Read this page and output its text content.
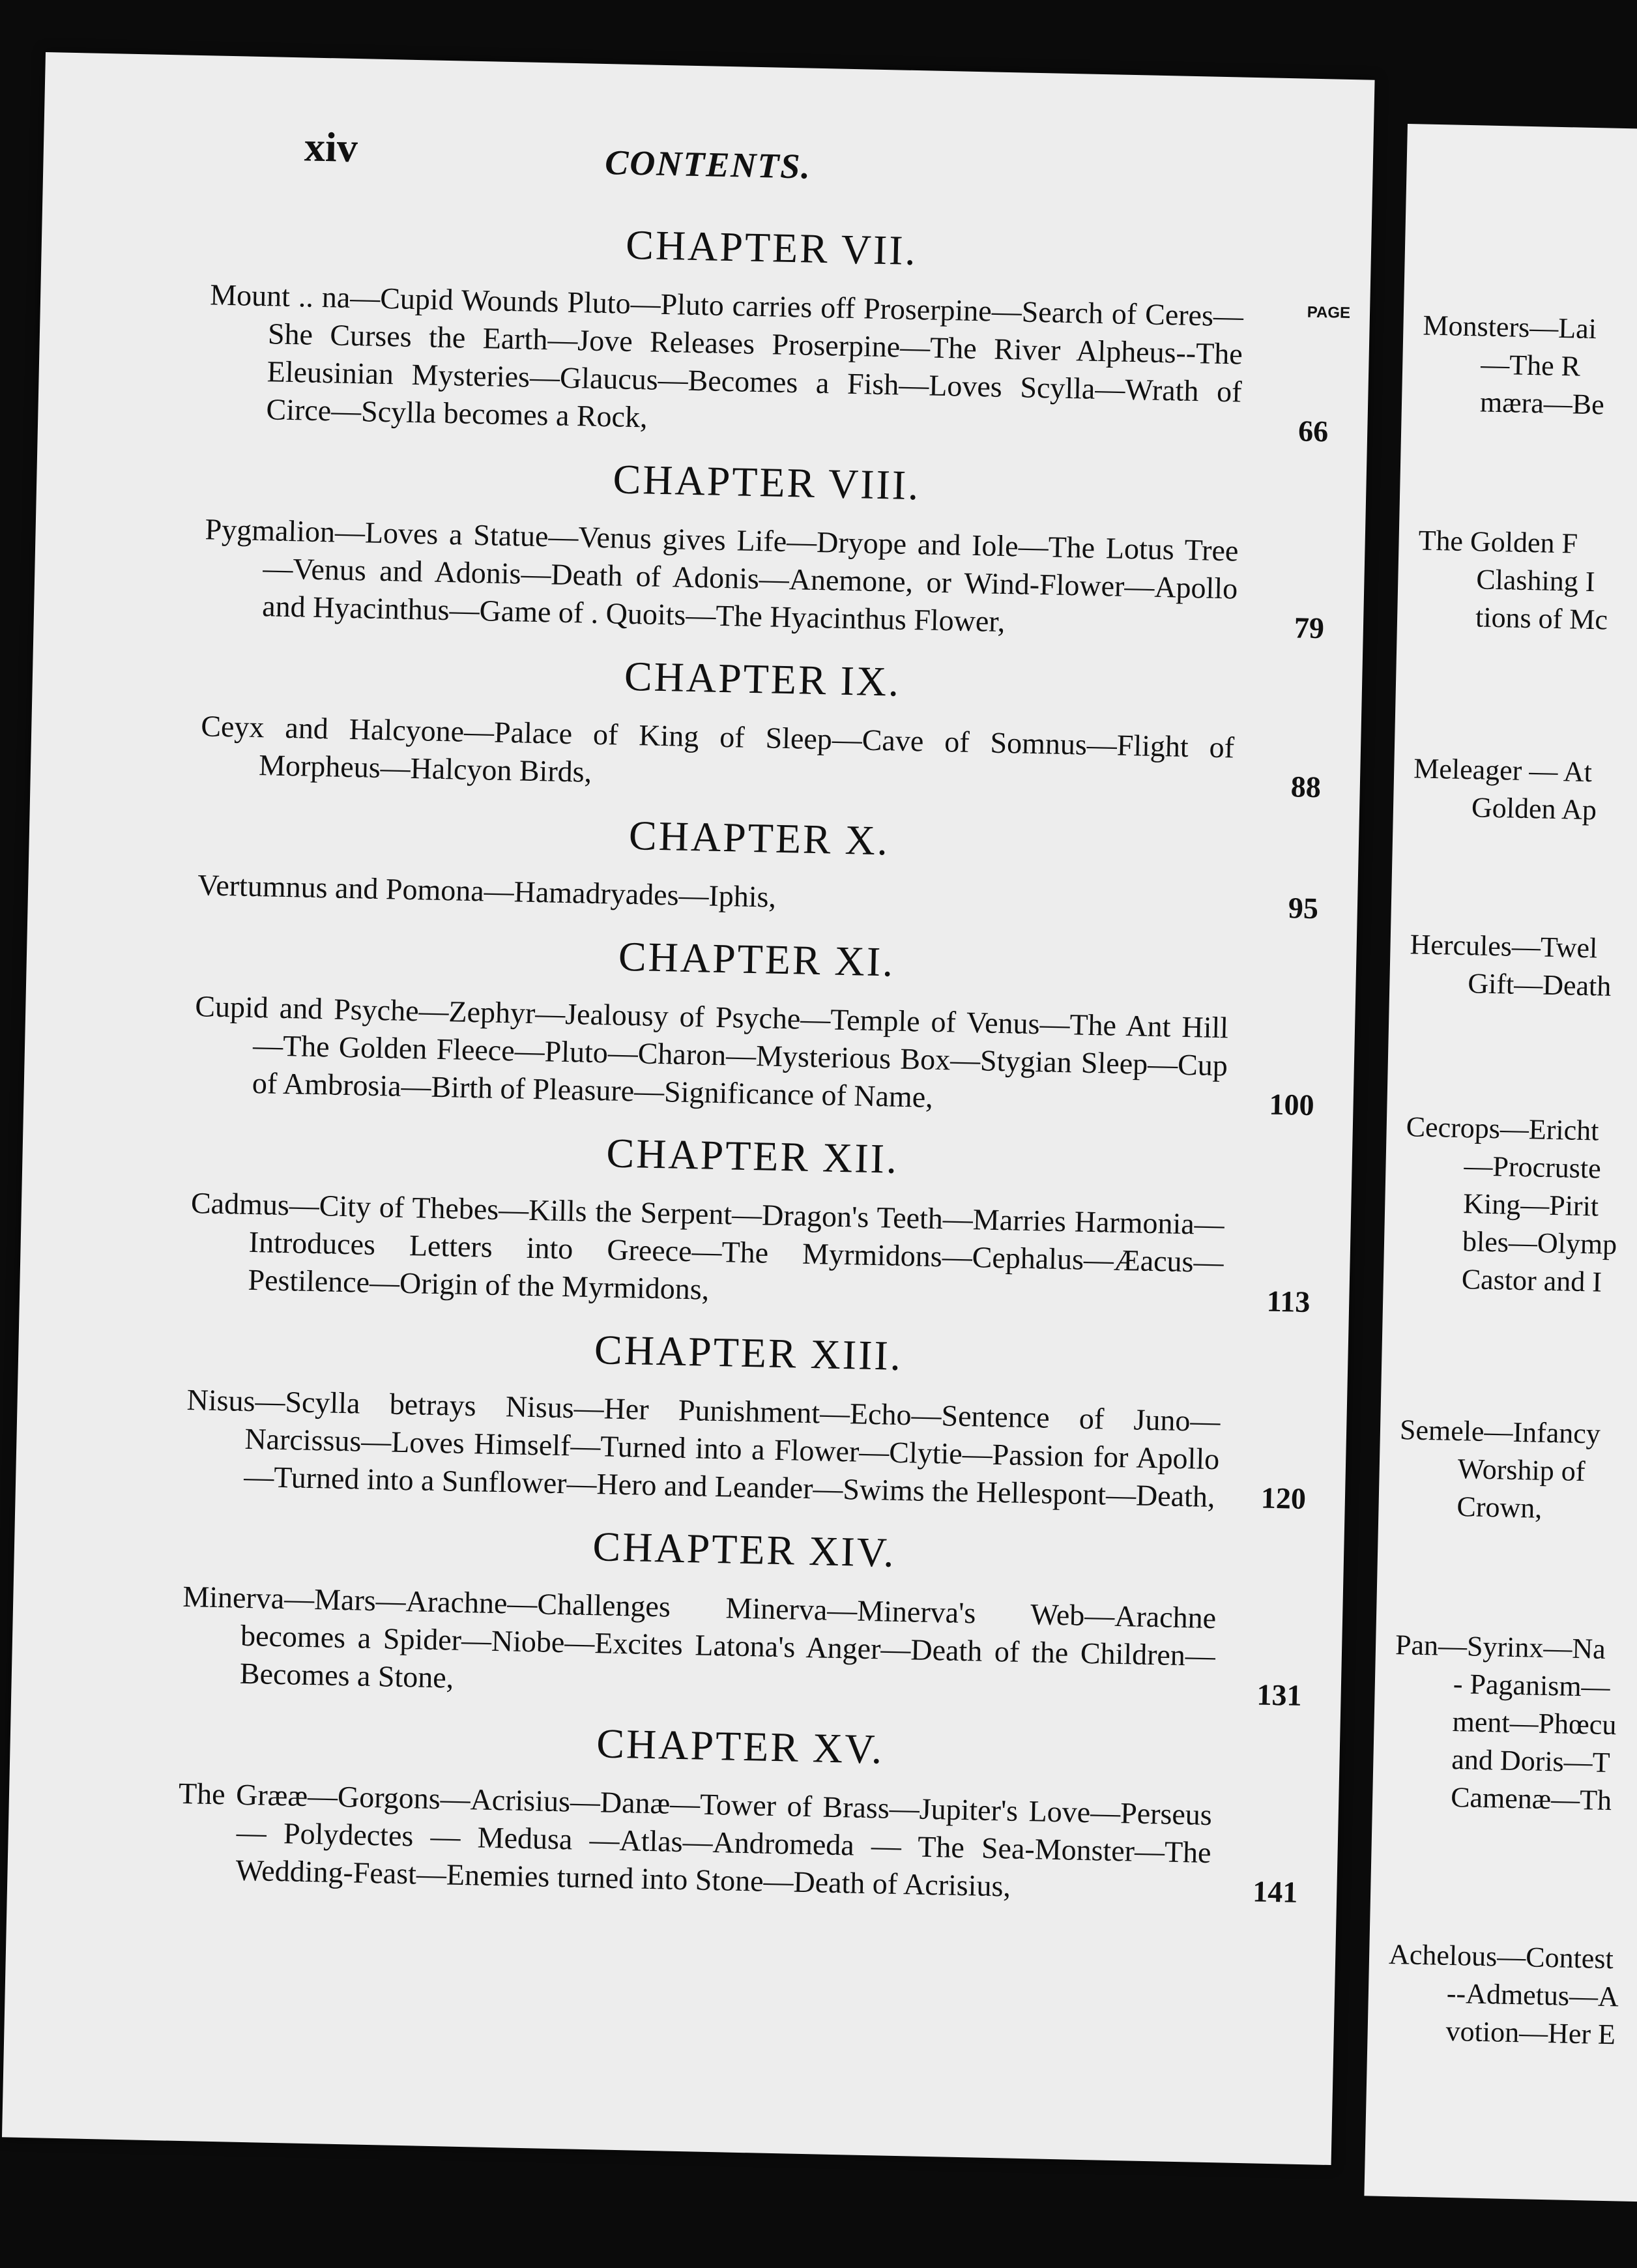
xiv	CONTENTS.
PAGE
CHAPTER VII.
Mount .. na—Cupid Wounds Pluto—Pluto carries off Proserpine—Search of Ceres—She Curses the Earth—Jove Releases Proserpine—The River Alpheus--The Eleusinian Mysteries—Glaucus—Becomes a Fish—Loves Scylla—Wrath of Circe—Scylla becomes a Rock,	66
CHAPTER VIII.
Pygmalion—Loves a Statue—Venus gives Life—Dryope and Iole—The Lotus Tree—Venus and Adonis—Death of Adonis—Anemone, or Wind-Flower—Apollo and Hyacinthus—Game of . Quoits—The Hyacinthus Flower,	79
CHAPTER IX.
Ceyx and Halcyone—Palace of King of Sleep—Cave of Somnus—Flight of Morpheus—Halcyon Birds,	88
CHAPTER X.
Vertumnus and Pomona—Hamadryades—Iphis,	95
CHAPTER XI.
Cupid and Psyche—Zephyr—Jealousy of Psyche—Temple of Venus—The Ant Hill—The Golden Fleece—Pluto—Charon—Mysterious Box—Stygian Sleep—Cup of Ambrosia—Birth of Pleasure—Significance of Name,	100
CHAPTER XII.
Cadmus—City of Thebes—Kills the Serpent—Dragon's Teeth—Marries Harmonia—Introduces Letters into Greece—The Myrmidons—Cephalus—Æacus—Pestilence—Origin of the Myrmidons,	113
CHAPTER XIII.
Nisus—Scylla betrays Nisus—Her Punishment—Echo—Sentence of Juno—Narcissus—Loves Himself—Turned into a Flower—Clytie—Passion for Apollo—Turned into a Sunflower—Hero and Leander—Swims the Hellespont—Death,	120
CHAPTER XIV.
Minerva—Mars—Arachne—Challenges Minerva—Minerva's Web—Arachne becomes a Spider—Niobe—Excites Latona's Anger—Death of the Children—Becomes a Stone,
131
CHAPTER XV.
The Grææ—Gorgons—Acrisius—Danæ—Tower of Brass—Jupiter's Love—Perseus — Polydectes — Medusa —Atlas—Andromeda — The Sea-Monster—The Wedding-Feast—Enemies turned into Stone—Death of Acrisius,	141
Monsters—Lai
—The R
mæra—Be
The Golden F
Clashing I
tions of Mc
Meleager — At
Golden Ap
Hercules—Twel
Gift—Death
Cecrops—Ericht
—Procruste
King—Pirit
bles—Olymp
Castor and I
Semele—Infancy
Worship of
Crown,
Pan—Syrinx—Na
- Paganism—
ment—Phœcu
and Doris—T
Camenæ—Th
Achelous—Contest
--Admetus—A
votion—Her E
